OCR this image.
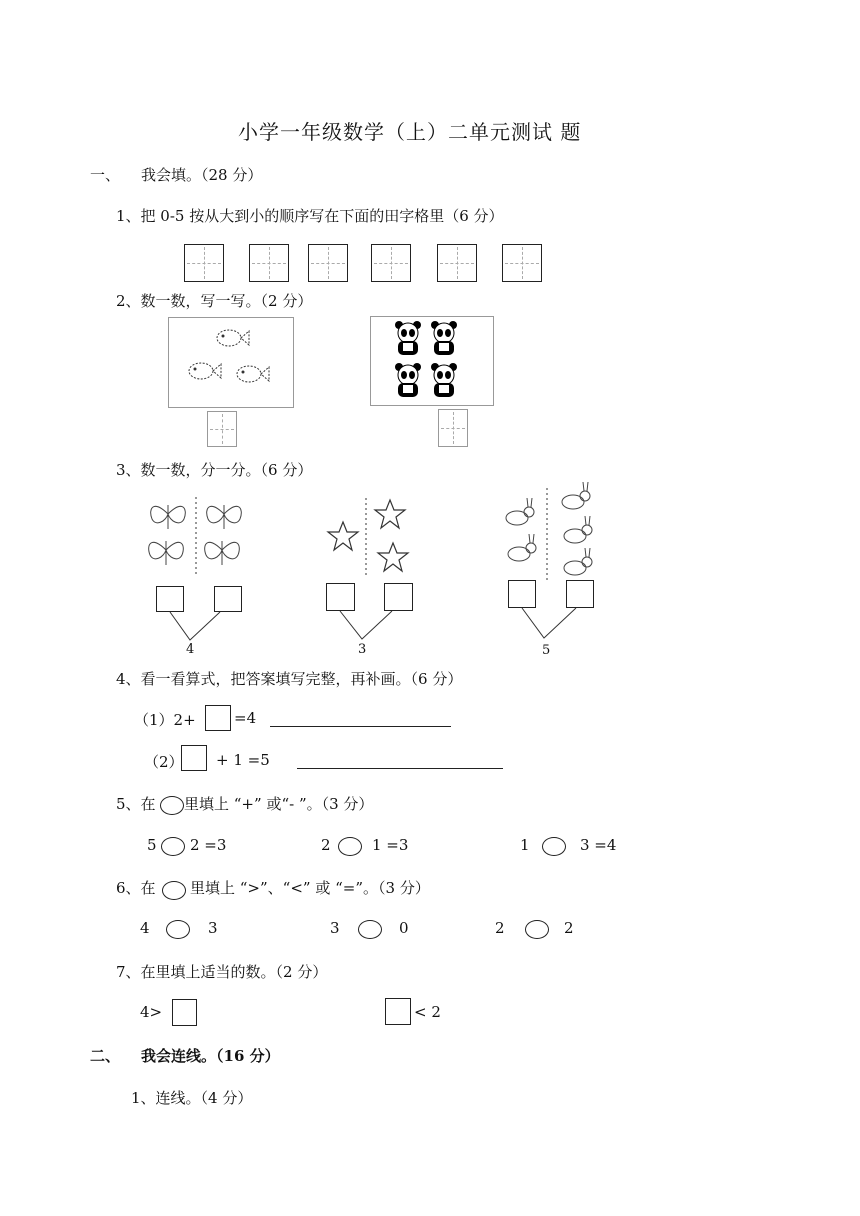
小学一年级数学（上）二单元测试 题
一、 我会填。（28 分）
1、把 0-5 按从大到小的顺序写在下面的田字格里（6 分）
2、数一数，写一写。（2 分）
3、数一数，分一分。（6 分）
4	3	5
4、看一看算式，把答案填写完整，再补画。（6 分）
（1）2+	=4
（2） + 1 =5
5、在 里填上 “+” 或“- ”。（3 分）
5 2 =3	2	1 =3	1	3 =4
6、在 里填上 “>”、“<” 或 “=”。（3 分）
4	3	3	0	2	2
7、在里填上适当的数。（2 分）
4>	< 2
二、 我会连线。（16 分）
1、连线。（4 分）
